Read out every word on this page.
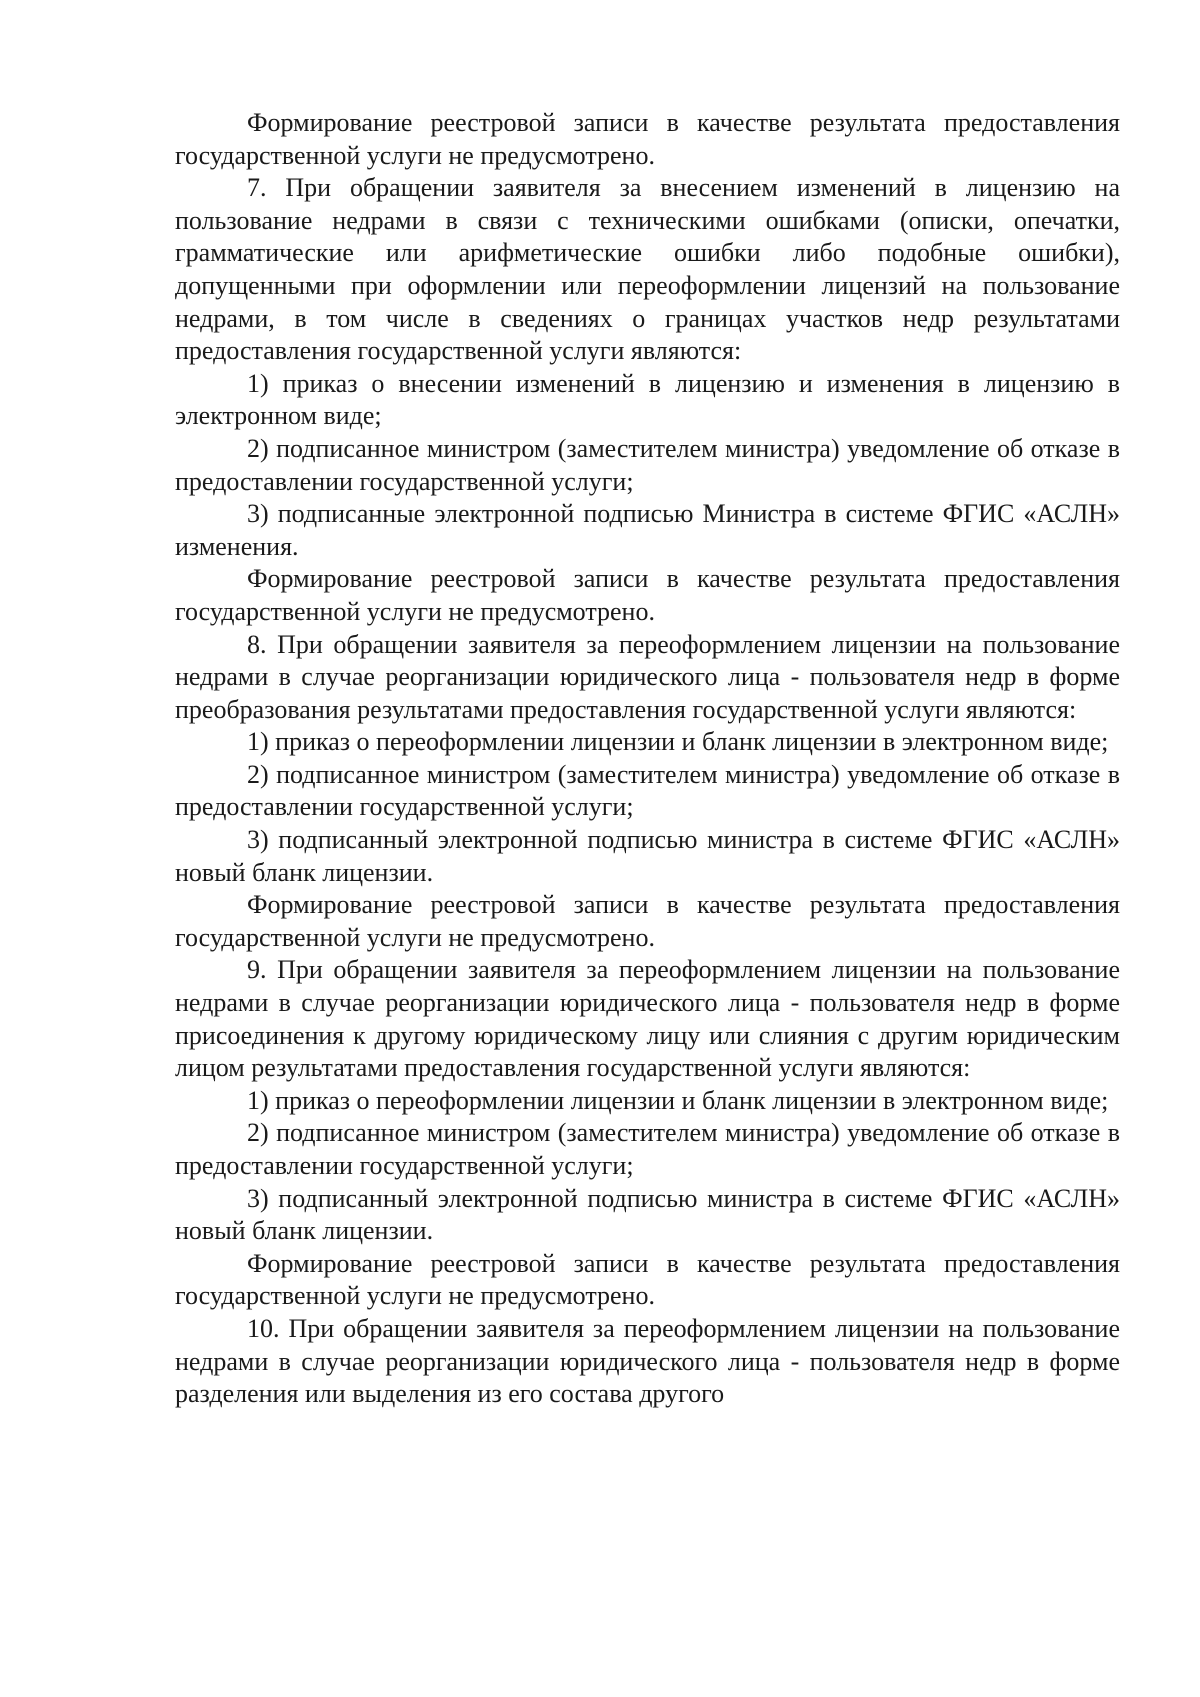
Формирование реестровой записи в качестве результата предоставления государственной услуги не предусмотрено.

7. При обращении заявителя за внесением изменений в лицензию на пользование недрами в связи с техническими ошибками (описки, опечатки, грамматические или арифметические ошибки либо подобные ошибки), допущенными при оформлении или переоформлении лицензий на пользование недрами, в том числе в сведениях о границах участков недр результатами предоставления государственной услуги являются:

1) приказ о внесении изменений в лицензию и изменения в лицензию в электронном виде;

2) подписанное министром (заместителем министра) уведомление об отказе в предоставлении государственной услуги;

3) подписанные электронной подписью Министра в системе ФГИС «АСЛН» изменения.

Формирование реестровой записи в качестве результата предоставления государственной услуги не предусмотрено.

8. При обращении заявителя за переоформлением лицензии на пользование недрами в случае реорганизации юридического лица - пользователя недр в форме преобразования результатами предоставления государственной услуги являются:

1) приказ о переоформлении лицензии и бланк лицензии в электронном виде;

2) подписанное министром (заместителем министра) уведомление об отказе в предоставлении государственной услуги;

3) подписанный электронной подписью министра в системе ФГИС «АСЛН» новый бланк лицензии.

Формирование реестровой записи в качестве результата предоставления государственной услуги не предусмотрено.

9. При обращении заявителя за переоформлением лицензии на пользование недрами в случае реорганизации юридического лица - пользователя недр в форме присоединения к другому юридическому лицу или слияния с другим юридическим лицом результатами предоставления государственной услуги являются:

1) приказ о переоформлении лицензии и бланк лицензии в электронном виде;

2) подписанное министром (заместителем министра) уведомление об отказе в предоставлении государственной услуги;

3) подписанный электронной подписью министра в системе ФГИС «АСЛН» новый бланк лицензии.

Формирование реестровой записи в качестве результата предоставления государственной услуги не предусмотрено.

10. При обращении заявителя за переоформлением лицензии на пользование недрами в случае реорганизации юридического лица - пользователя недр в форме разделения или выделения из его состава другого
